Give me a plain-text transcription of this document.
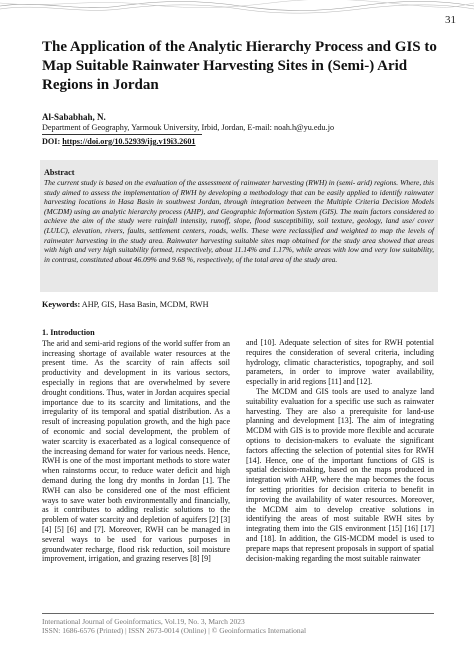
31
The Application of the Analytic Hierarchy Process and GIS to Map Suitable Rainwater Harvesting Sites in (Semi-) Arid Regions in Jordan
Al-Sababhah, N.
Department of Geography, Yarmouk University, Irbid, Jordan, E-mail: noah.h@yu.edu.jo
DOI: https://doi.org/10.52939/ijg.v19i3.2601
Abstract
The current study is based on the evaluation of the assessment of rainwater harvesting (RWH) in (semi- arid) regions. Where, this study aimed to assess the implementation of RWH by developing a methodology that can be easily applied to identify rainwater harvesting locations in Hasa Basin in southwest Jordan, through integration between the Multiple Criteria Decision Models (MCDM) using an analytic hierarchy process (AHP), and Geographic Information System (GIS). The main factors considered to achieve the aim of the study were rainfall intensity, runoff, slope, flood susceptibility, soil texture, geology, land use/ cover (LULC), elevation, rivers, faults, settlement centers, roads, wells. These were reclassified and weighted to map the levels of rainwater harvesting in the study area. Rainwater harvesting suitable sites map obtained for the study area showed that areas with high and very high suitability formed, respectively, about 11.14% and 1.17%, while areas with low and very low suitability, in contrast, constituted about 46.09% and 9.68 %, respectively, of the total area of the study area.
Keywords: AHP, GIS, Hasa Basin, MCDM, RWH
1. Introduction

The arid and semi-arid regions of the world suffer from an increasing shortage of available water resources at the present time. As the scarcity of rain affects soil productivity and development in its various sectors, especially in regions that are overwhelmed by severe drought conditions. Thus, water in Jordan acquires special importance due to its scarcity and limitations, and the irregularity of its temporal and spatial distribution. As a result of increasing population growth, and the high pace of economic and social development, the problem of water scarcity is exacerbated as a logical consequence of the increasing demand for water for various needs. Hence, RWH is one of the most important methods to store water when rainstorms occur, to reduce water deficit and high demand during the long dry months in Jordan [1]. The RWH can also be considered one of the most efficient ways to save water both environmentally and financially, as it contributes to adding realistic solutions to the problem of water scarcity and depletion of aquifers [2] [3] [4] [5] [6] and [7]. Moreover, RWH can be managed in several ways to be used for various purposes in groundwater recharge, flood risk reduction, soil moisture improvement, irrigation, and grazing reserves [8] [9]

and [10]. Adequate selection of sites for RWH potential requires the consideration of several criteria, including hydrology, climatic characteristics, topography, and soil parameters, in order to improve water availability, especially in arid regions [11] and [12].

The MCDM and GIS tools are used to analyze land suitability evaluation for a specific use such as rainwater harvesting. They are also a prerequisite for land-use planning and development [13]. The aim of integrating MCDM with GIS is to provide more flexible and accurate options to decision-makers to evaluate the significant factors affecting the selection of potential sites for RWH [14]. Hence, one of the important functions of GIS is spatial decision-making, based on the maps produced in integration with AHP, where the map becomes the focus for setting priorities for decision criteria to benefit in improving the availability of water resources. Moreover, the MCDM aim to develop creative solutions in identifying the areas of most suitable RWH sites by integrating them into the GIS environment [15] [16] [17] and [18]. In addition, the GIS-MCDM model is used to prepare maps that represent proposals in support of spatial decision-making regarding the most suitable rainwater

International Journal of Geoinformatics, Vol.19, No. 3, March 2023
ISSN: 1686-6576 (Printed) | ISSN 2673-0014 (Online) | © Geoinformatics International
